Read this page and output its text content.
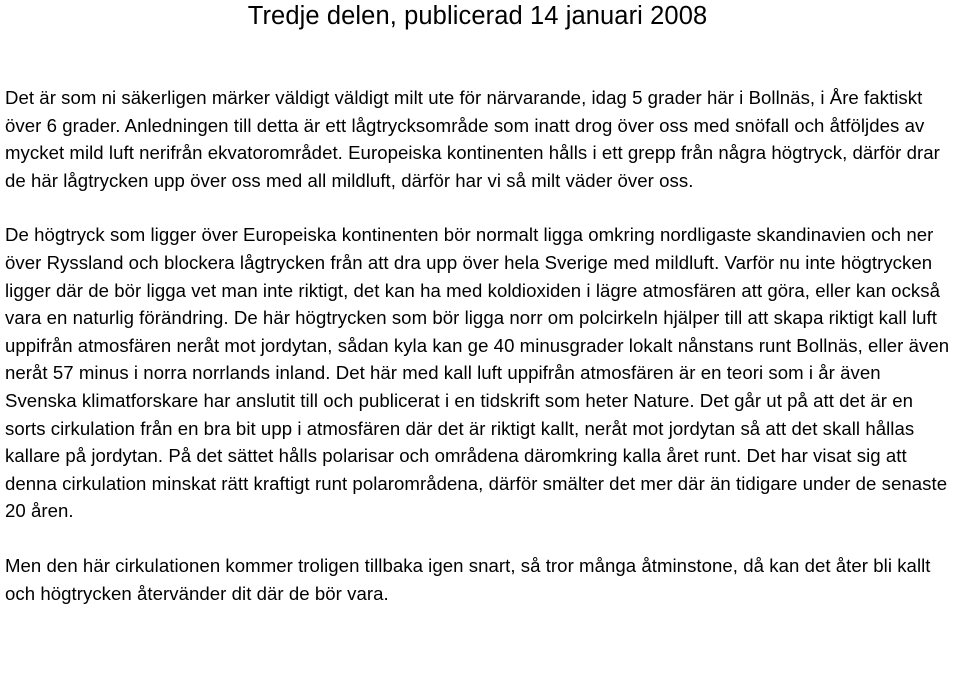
Tredje delen, publicerad 14 januari 2008

Det är som ni säkerligen märker väldigt väldigt milt ute för närvarande, idag 5 grader här i Bollnäs, i Åre faktiskt över 6 grader. Anledningen till detta är ett lågtrycksområde som inatt drog över oss med snöfall och åtföljdes av mycket mild luft nerifrån ekvatorområdet. Europeiska kontinenten hålls i ett grepp från några högtryck, därför drar de här lågtrycken upp över oss med all mildluft, därför har vi så milt väder över oss.

De högtryck som ligger över Europeiska kontinenten bör normalt ligga omkring nordligaste skandinavien och ner över Ryssland och blockera lågtrycken från att dra upp över hela Sverige med mildluft. Varför nu inte högtrycken ligger där de bör ligga vet man inte riktigt, det kan ha med koldioxiden i lägre atmosfären att göra, eller kan också vara en naturlig förändring. De här högtrycken som bör ligga norr om polcirkeln hjälper till att skapa riktigt kall luft uppifrån atmosfären neråt mot jordytan, sådan kyla kan ge 40 minusgrader lokalt nånstans runt Bollnäs, eller även neråt 57 minus i norra norrlands inland. Det här med kall luft uppifrån atmosfären är en teori som i år även Svenska klimatforskare har anslutit till och publicerat i en tidskrift som heter Nature. Det går ut på att det är en sorts cirkulation från en bra bit upp i atmosfären där det är riktigt kallt, neråt mot jordytan så att det skall hållas kallare på jordytan. På det sättet hålls polarisar och områdena däromkring kalla året runt. Det har visat sig att denna cirkulation minskat rätt kraftigt runt polarområdena, därför smälter det mer där än tidigare under de senaste 20 åren.

Men den här cirkulationen kommer troligen tillbaka igen snart, så tror många åtminstone, då kan det åter bli kallt och högtrycken återvänder dit där de bör vara.
